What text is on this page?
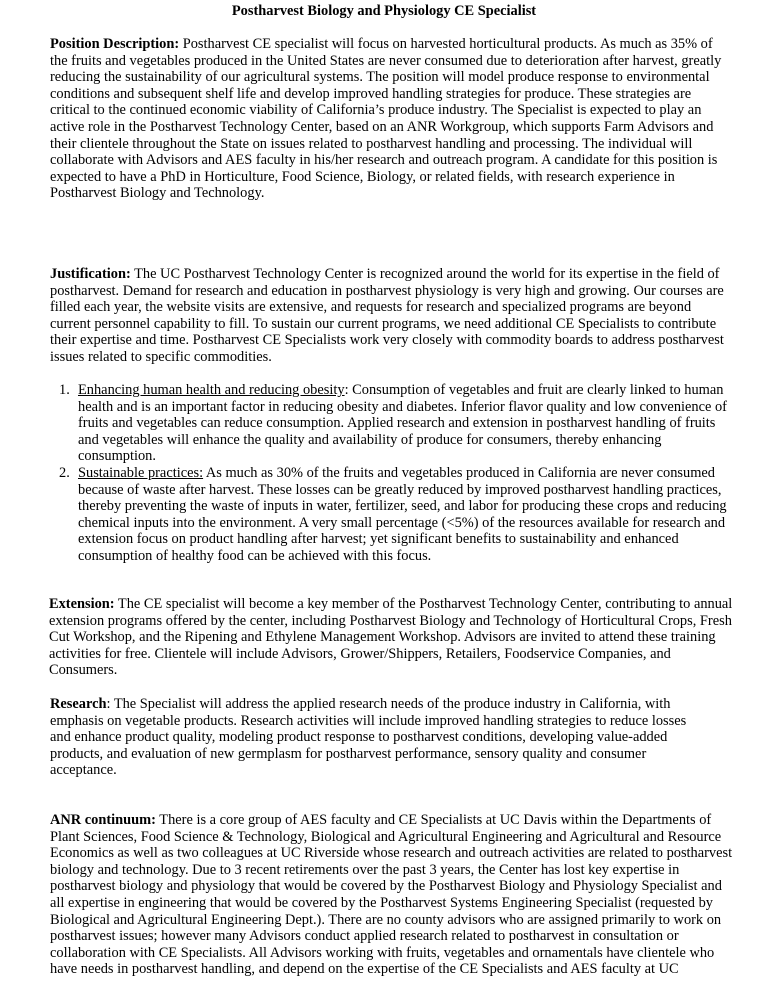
Postharvest Biology and Physiology CE Specialist
Position Description: Postharvest CE specialist will focus on harvested horticultural products. As much as 35% of the fruits and vegetables produced in the United States are never consumed due to deterioration after harvest, greatly reducing the sustainability of our agricultural systems. The position will model produce response to environmental conditions and subsequent shelf life and develop improved handling strategies for produce. These strategies are critical to the continued economic viability of California’s produce industry. The Specialist is expected to play an active role in the Postharvest Technology Center, based on an ANR Workgroup, which supports Farm Advisors and their clientele throughout the State on issues related to postharvest handling and processing. The individual will collaborate with Advisors and AES faculty in his/her research and outreach program. A candidate for this position is expected to have a PhD in Horticulture, Food Science, Biology, or related fields, with research experience in Postharvest Biology and Technology.
Justification: The UC Postharvest Technology Center is recognized around the world for its expertise in the field of postharvest. Demand for research and education in postharvest physiology is very high and growing. Our courses are filled each year, the website visits are extensive, and requests for research and specialized programs are beyond current personnel capability to fill. To sustain our current programs, we need additional CE Specialists to contribute their expertise and time. Postharvest CE Specialists work very closely with commodity boards to address postharvest issues related to specific commodities.
1. Enhancing human health and reducing obesity: Consumption of vegetables and fruit are clearly linked to human health and is an important factor in reducing obesity and diabetes. Inferior flavor quality and low convenience of fruits and vegetables can reduce consumption. Applied research and extension in postharvest handling of fruits and vegetables will enhance the quality and availability of produce for consumers, thereby enhancing consumption.
2. Sustainable practices: As much as 30% of the fruits and vegetables produced in California are never consumed because of waste after harvest. These losses can be greatly reduced by improved postharvest handling practices, thereby preventing the waste of inputs in water, fertilizer, seed, and labor for producing these crops and reducing chemical inputs into the environment. A very small percentage (<5%) of the resources available for research and extension focus on product handling after harvest; yet significant benefits to sustainability and enhanced consumption of healthy food can be achieved with this focus.
Extension: The CE specialist will become a key member of the Postharvest Technology Center, contributing to annual extension programs offered by the center, including Postharvest Biology and Technology of Horticultural Crops, Fresh Cut Workshop, and the Ripening and Ethylene Management Workshop. Advisors are invited to attend these training activities for free. Clientele will include Advisors, Grower/Shippers, Retailers, Foodservice Companies, and Consumers.
Research: The Specialist will address the applied research needs of the produce industry in California, with emphasis on vegetable products. Research activities will include improved handling strategies to reduce losses and enhance product quality, modeling product response to postharvest conditions, developing value-added products, and evaluation of new germplasm for postharvest performance, sensory quality and consumer acceptance.
ANR continuum: There is a core group of AES faculty and CE Specialists at UC Davis within the Departments of Plant Sciences, Food Science & Technology, Biological and Agricultural Engineering and Agricultural and Resource Economics as well as two colleagues at UC Riverside whose research and outreach activities are related to postharvest biology and technology. Due to 3 recent retirements over the past 3 years, the Center has lost key expertise in postharvest biology and physiology that would be covered by the Postharvest Biology and Physiology Specialist and all expertise in engineering that would be covered by the Postharvest Systems Engineering Specialist (requested by Biological and Agricultural Engineering Dept.). There are no county advisors who are assigned primarily to work on postharvest issues; however many Advisors conduct applied research related to postharvest in consultation or collaboration with CE Specialists. All Advisors working with fruits, vegetables and ornamentals have clientele who have needs in postharvest handling, and depend on the expertise of the CE Specialists and AES faculty at UC
